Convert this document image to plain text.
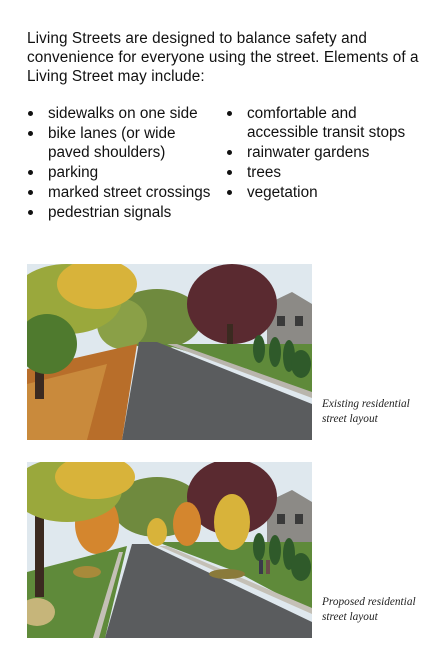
Living Streets are designed to balance safety and convenience for everyone using the street. Elements of a Living Street may include:
sidewalks on one side
bike lanes (or wide paved shoulders)
parking
marked street crossings
pedestrian signals
comfortable and accessible transit stops
rainwater gardens
trees
vegetation
Existing residential street layout
Proposed residential street layout
